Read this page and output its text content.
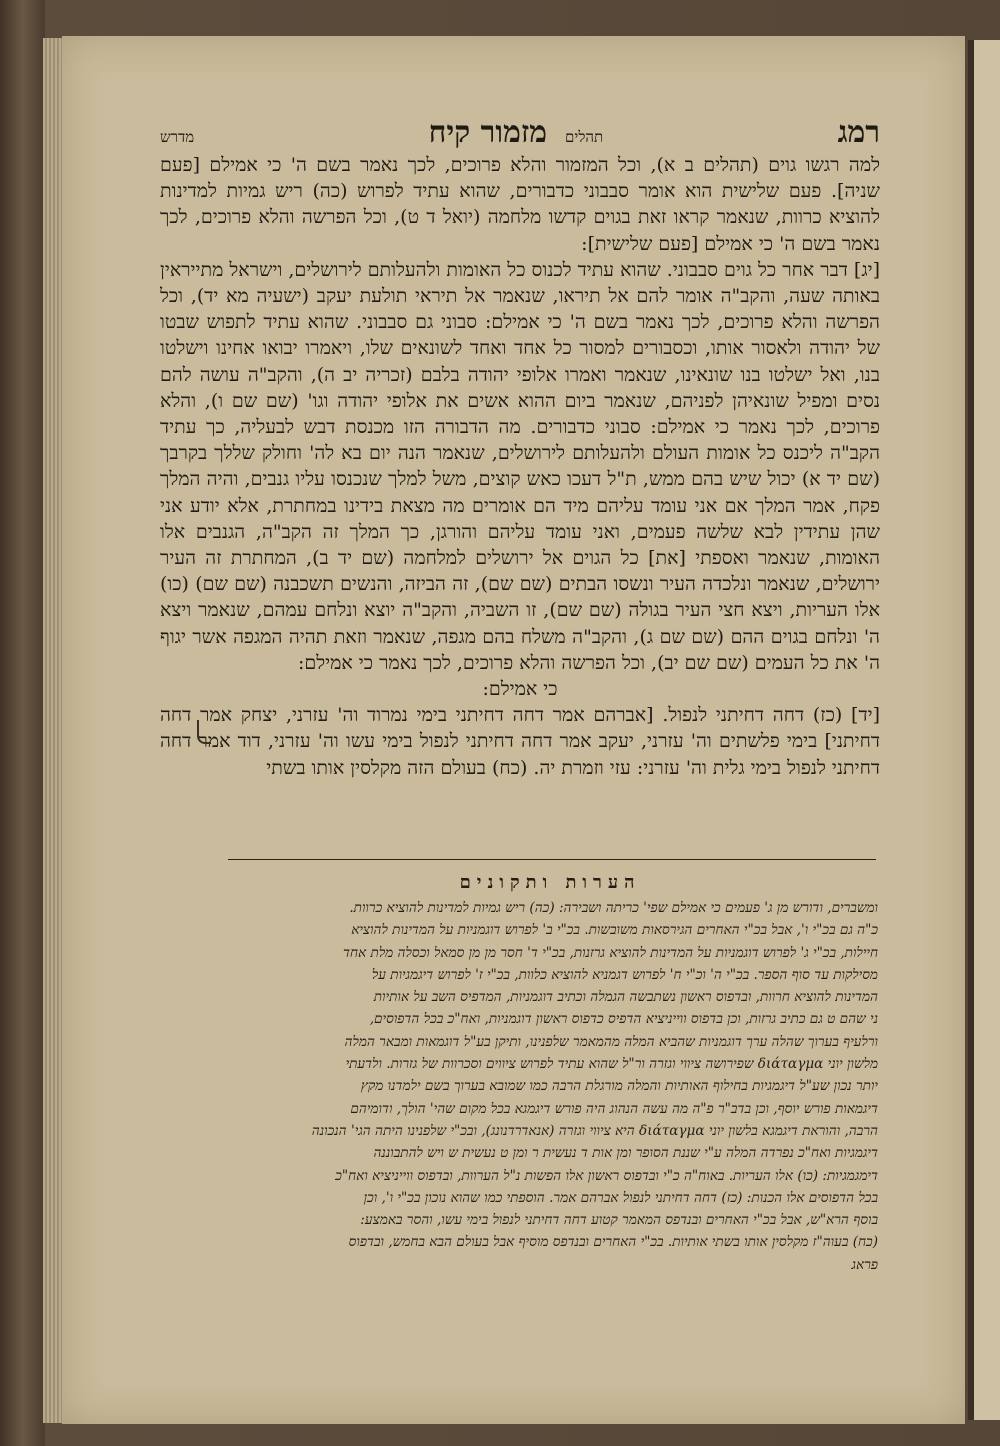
רמג
תהלים
מזמור קיח
מדרש

למה רגשו גוים (תהלים ב א), וכל המזמור והלא פרוכים, לכך נאמר בשם ה' כי אמילם [פעם שניה]. פעם שלישית הוא אומר סבבוני כדבורים, שהוא עתיד לפרוש (כה) ריש גמיות למדינות להוציא כרוות, שנאמר קראו זאת בגוים קדשו מלחמה (יואל ד ט), וכל הפרשה והלא פרוכים, לכך נאמר בשם ה' כי אמילם [פעם שלישית]:

[יג] דבר אחר כל גוים סבבוני. שהוא עתיד לכנוס כל האומות ולהעלותם לירושלים, וישראל מתייראין באותה שעה, והקב"ה אומר להם אל תיראו, שנאמר אל תיראי תולעת יעקב (ישעיה מא יד), וכל הפרשה והלא פרוכים, לכך נאמר בשם ה' כי אמילם: סבוני גם סבבוני. שהוא עתיד לתפוש שבטו של יהודה ולאסור אותו, וכסבורים למסור כל אחד ואחד לשונאים שלו, ויאמרו יבואו אחינו וישלטו בנו, ואל ישלטו בנו שונאינו, שנאמר ואמרו אלופי יהודה בלבם (זכריה יב ה), והקב"ה עושה להם נסים ומפיל שונאיהן לפניהם, שנאמר ביום ההוא אשים את אלופי יהודה וגו' (שם שם ו), והלא פרוכים, לכך נאמר כי אמילם: סבוני כדבורים. מה הדבורה הזו מכנסת דבש לבעליה, כך עתיד הקב"ה ליכנס כל אומות העולם ולהעלותם לירושלים, שנאמר הנה יום בא לה' וחולק שללך בקרבך (שם יד א) יכול שיש בהם ממש, ת"ל דעכו כאש קוצים, משל למלך שנכנסו עליו גנבים, והיה המלך פקח, אמר המלך אם אני עומד עליהם מיד הם אומרים מה מצאת בידינו במחתרת, אלא יודע אני שהן עתידין לבא שלשה פעמים, ואני עומד עליהם והורגן, כך המלך זה הקב"ה, הגנבים אלו האומות, שנאמר ואספתי [את] כל הגוים אל ירושלים למלחמה (שם יד ב), המחתרת זה העיר ירושלים, שנאמר ונלכדה העיר ונשסו הבתים (שם שם), זה הביזה, והנשים תשכבנה (שם שם) (כו) אלו העריות, ויצא חצי העיר בגולה (שם שם), זו השביה, והקב"ה יוצא ונלחם עמהם, שנאמר ויצא ה' ונלחם בגוים ההם (שם שם ג), והקב"ה משלח בהם מגפה, שנאמר וזאת תהיה המגפה אשר יגוף ה' את כל העמים (שם שם יב), וכל הפרשה והלא פרוכים, לכך נאמר כי אמילם:

כי אמילם:

[יד] (כז) דחה דחיתני לנפול. [אברהם אמר דחה דחיתני בימי נמרוד וה' עזרני, יצחק אמר דחה דחיתני] בימי פלשתים וה' עזרני, יעקב אמר דחה דחיתני לנפול בימי עשו וה' עזרני, דוד אמר דחה דחיתני לנפול בימי גלית וה' עזרני: עזי וזמרת יה. (כח) בעולם הזה מקלסין אותו בשתי

הערות ותקונים

ומשברים, ודורש מן ג' פעמים כי אמילם שפי' כריתה ושבירה: (כה) ריש גמיות למדינות להוציא כרוות.

כ"ה גם בכ"י ו', אבל בכ"י האחרים הגירסאות משובשות. בכ"י ב' לפרוש דוגמניות על המדינות להוציא

חיילות, בכ"י ג' לפרוש דוגמניות על המדינות להוציא גרזנות, בכ"י ד' חסר מן מן סמאל וכסלה מלת אחד

מסילקות עד סוף הספר. בכ"י ה' וכ"י ח' לפרוש דגמניא להוציא כלוות, בכ"י ז' לפרוש דיגמגיות על

המדינות להוציא חרוות, ובדפוס ראשון נשתבשה הגמלה וכתיב דוגמניות, המדפיס השב על אותיות

ני שהם ט גם כתיב גרזות, וכן בדפוס ווייניציא הדפיס כדפוס ראשון דוגמניות, ואח"כ בכל הדפוסים,

ורלעיף בערוך שהלה ערך דוגמניות שהביא המלה מהמאמר שלפנינו, ותיקן בע"ל דוגמאות ומבאר המלה

מלשון יוני διάταγμα שפירושה ציווי וגזרה ור"ל שהוא עתיד לפרוש ציווים וסכרוות של גזרות. ולדעתי

יותר נכון שע"ל דיגמגיות בחילוף האותיות והמלה מורגלת הרבה כמו שמובא בערוך בשם ילמדנו מקץ

דיגמאות פורש יוסף, וכן בדב"ר פ"ה מה עשה הנהוג היה פורש דיגמגא בכל מקום שהי' הולך, ודומיהם

הרבה, והוראת דיגמגא בלשון יוני διάταγμα היא ציווי וגזרה (אנאדרדנונג), ובכ"י שלפנינו היתה הגי' הנכונה

דיגמגיות ואח"כ נפרדה המלה ע"י שננת הסופר ומן אות ד נעשית ר ומן ט נעשית ש ויש להתבוננה

דימגמגיות: (כו) אלו העריות. באוח"ה כ"י ובדפוס ראשון אלו הפשות נ"ל הערוות, ובדפוס ווייניציא ואח"כ

בכל הדפוסים אלו הכנות: (כז) דחה דחיתני לנפול אברהם אמר. הוספתי כמו שהוא נוכון בכ"י ו', וכן

בוסף הרא"ש, אבל בכ"י האחרים ובנדפס המאמר קטוע דחה דחיתני לנפול בימי עשו, והסר באמצע:

(כח) בעוה"ז מקלסין אותו בשתי אותיות. בכ"י האחרים ובנדפס מוסיף אבל בעולם הבא בחמש, ובדפוס

פראג
